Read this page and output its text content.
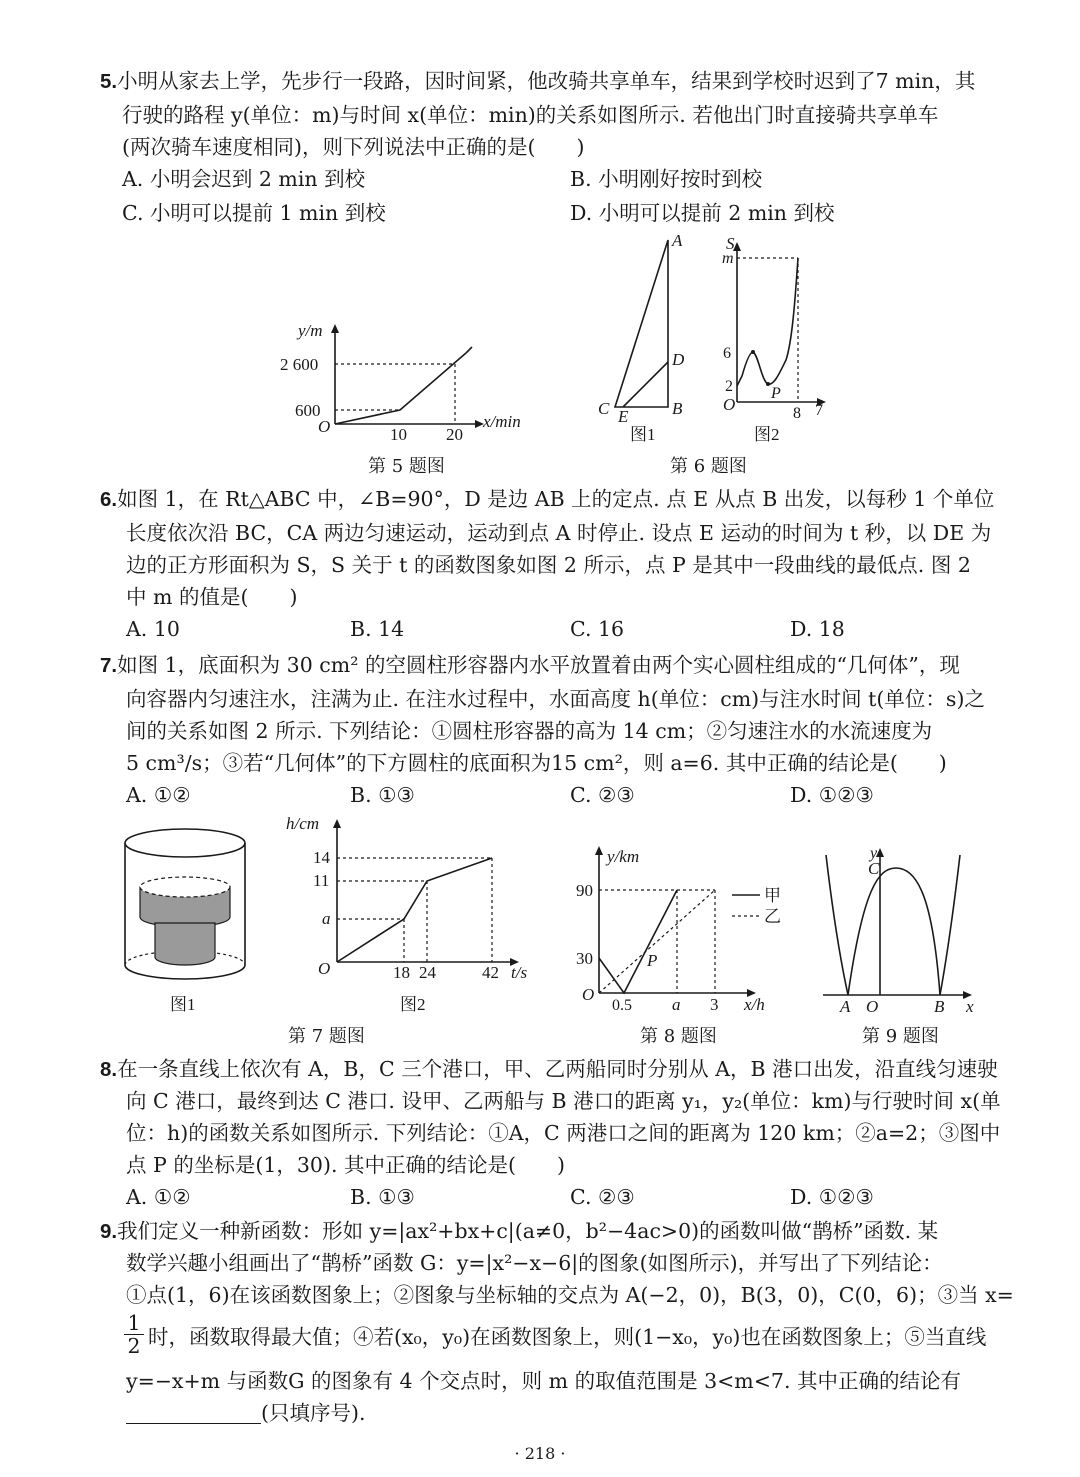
5.小明从家去上学，先步行一段路，因时间紧，他改骑共享单车，结果到学校时迟到了7 min，其
行驶的路程 y(单位：m)与时间 x(单位：min)的关系如图所示. 若他出门时直接骑共享单车
(两次骑车速度相同)，则下列说法中正确的是(　　)
A. 小明会迟到 2 min 到校	B. 小明刚好按时到校
C. 小明可以提前 1 min 到校	D. 小明可以提前 2 min 到校
y/m
2 600
600
O	10 20
x/min
第 5 题图
A
D
B
C E
图1
S
m
6
2
O
P
8 7
图2
第 6 题图
6.如图 1，在 Rt△ABC 中，∠B=90°，D 是边 AB 上的定点. 点 E 从点 B 出发，以每秒 1 个单位
长度依次沿 BC，CA 两边匀速运动，运动到点 A 时停止. 设点 E 运动的时间为 t 秒，以 DE 为
边的正方形面积为 S，S 关于 t 的函数图象如图 2 所示，点 P 是其中一段曲线的最低点. 图 2
中 m 的值是(　　)
A. 10	B. 14	C. 16	D. 18
7.如图 1，底面积为 30 cm² 的空圆柱形容器内水平放置着由两个实心圆柱组成的“几何体”，现
向容器内匀速注水，注满为止. 在注水过程中，水面高度 h(单位：cm)与注水时间 t(单位：s)之
间的关系如图 2 所示. 下列结论：①圆柱形容器的高为 14 cm；②匀速注水的水流速度为
5 cm³/s；③若“几何体”的下方圆柱的底面积为15 cm²，则 a=6. 其中正确的结论是(　　)
A. ①②	B. ①③	C. ②③	D. ①②③
图1
h/cm
14
11
a
O	18 24	42 t/s
图2
第 7 题图
甲
乙
y/km
90
30
O
0.5 a 3 x/h
P
第 8 题图
y
C
A O	B x
第 9 题图
8.在一条直线上依次有 A，B，C 三个港口，甲、乙两船同时分别从 A，B 港口出发，沿直线匀速驶
向 C 港口，最终到达 C 港口. 设甲、乙两船与 B 港口的距离 y₁，y₂(单位：km)与行驶时间 x(单
位：h)的函数关系如图所示. 下列结论：①A，C 两港口之间的距离为 120 km；②a=2；③图中
点 P 的坐标是(1，30). 其中正确的结论是(　　)
A. ①②	B. ①③	C. ②③	D. ①②③
9.我们定义一种新函数：形如 y=|ax²+bx+c|(a≠0，b²−4ac>0)的函数叫做“鹊桥”函数. 某
数学兴趣小组画出了“鹊桥”函数 G：y=|x²−x−6|的图象(如图所示)，并写出了下列结论：
①点(1，6)在该函数图象上；②图象与坐标轴的交点为 A(−2，0)，B(3，0)，C(0，6)；③当 x=
$\frac{1}{2}$ 时，函数取得最大值；④若(x₀，y₀)在函数图象上，则(1−x₀，y₀)也在函数图象上；⑤当直线
y=−x+m 与函数G 的图象有 4 个交点时，则 m 的取值范围是 3<m<7. 其中正确的结论有
(只填序号).
· 218 ·
